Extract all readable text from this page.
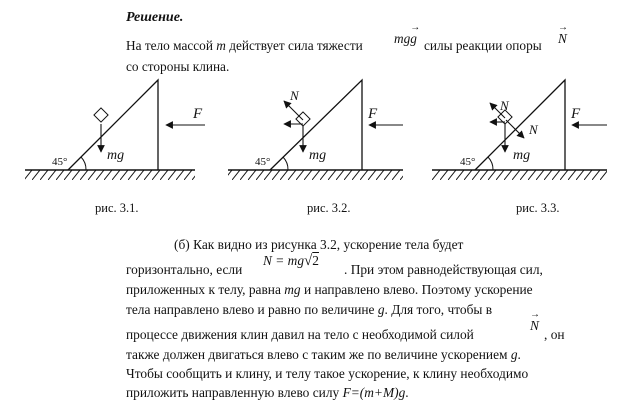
Решение.
На тело массой m действует сила тяжести mgg
→
силы реакции опоры N
→
со стороны клина.
45°	mg
F
рис. 3.1.
45°
N
mg
F
рис. 3.2.
45°
N
N
mg
F
рис. 3.3.
(б) Как видно из рисунка 3.2, ускорение тела будет
горизонтально, если
N = mg√2
. При этом равнодействующая сил,
приложенных к телу, равна mg и направлено влево. Поэтому ускорение
тела направлено влево и равно по величине g. Для того, чтобы в
процессе движения клин давил на тело с необходимой силой
N
→
, он
также должен двигаться влево с таким же по величине ускорением g.
Чтобы сообщить и клину, и телу такое ускорение, к клину необходимо
приложить направленную влево силу F=(m+M)g.
